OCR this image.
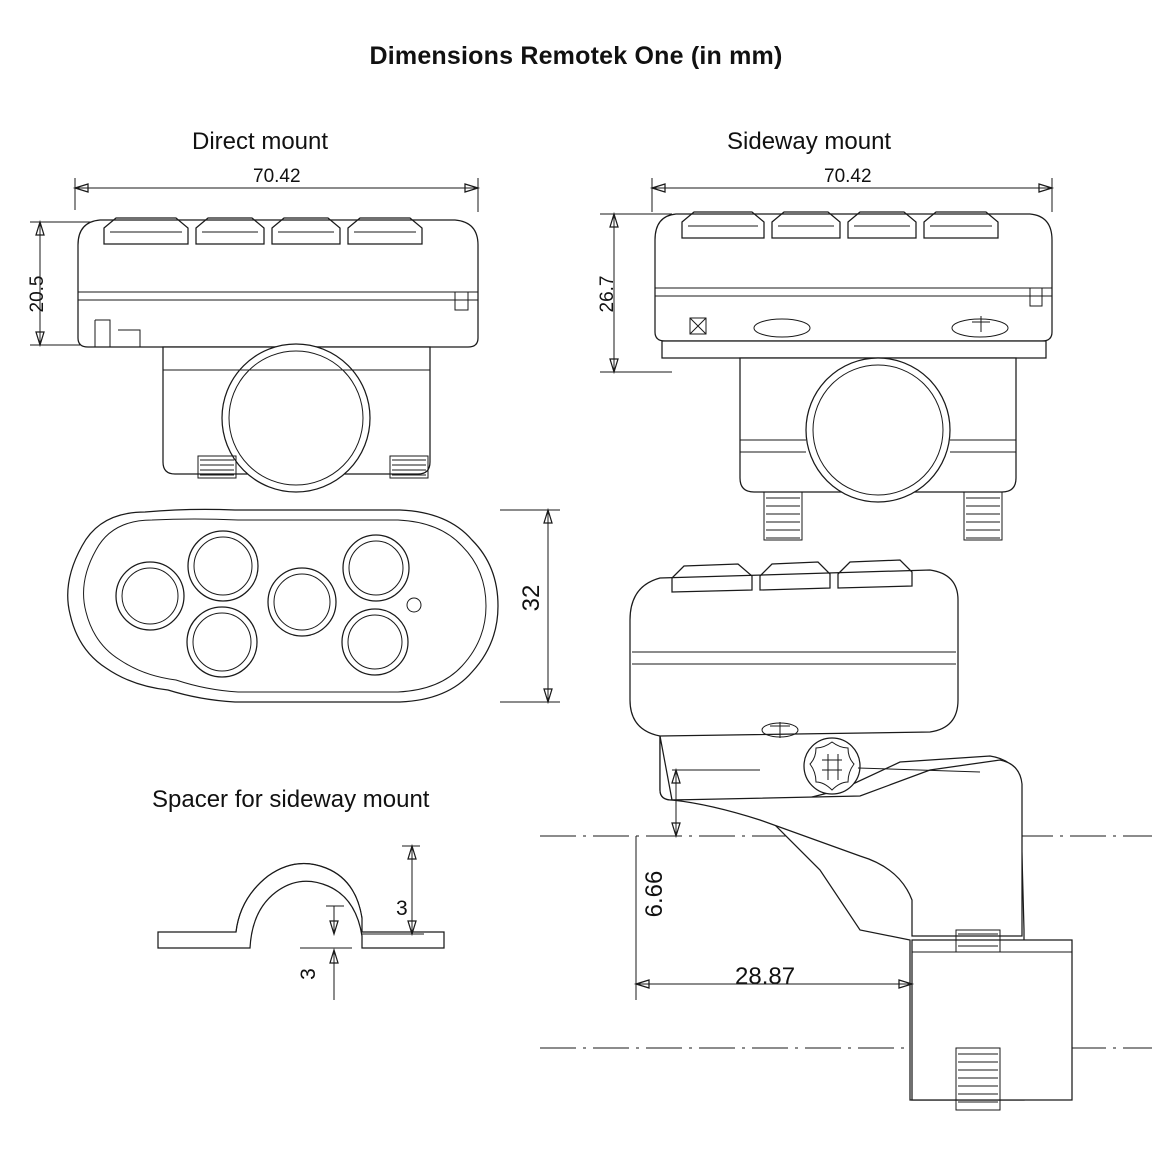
Dimensions Remotek One (in mm)
Direct mount	Sideway mount
Spacer for sideway mount
70.42
20.5
70.42
26.7
32
6.66
28.87
3
3
